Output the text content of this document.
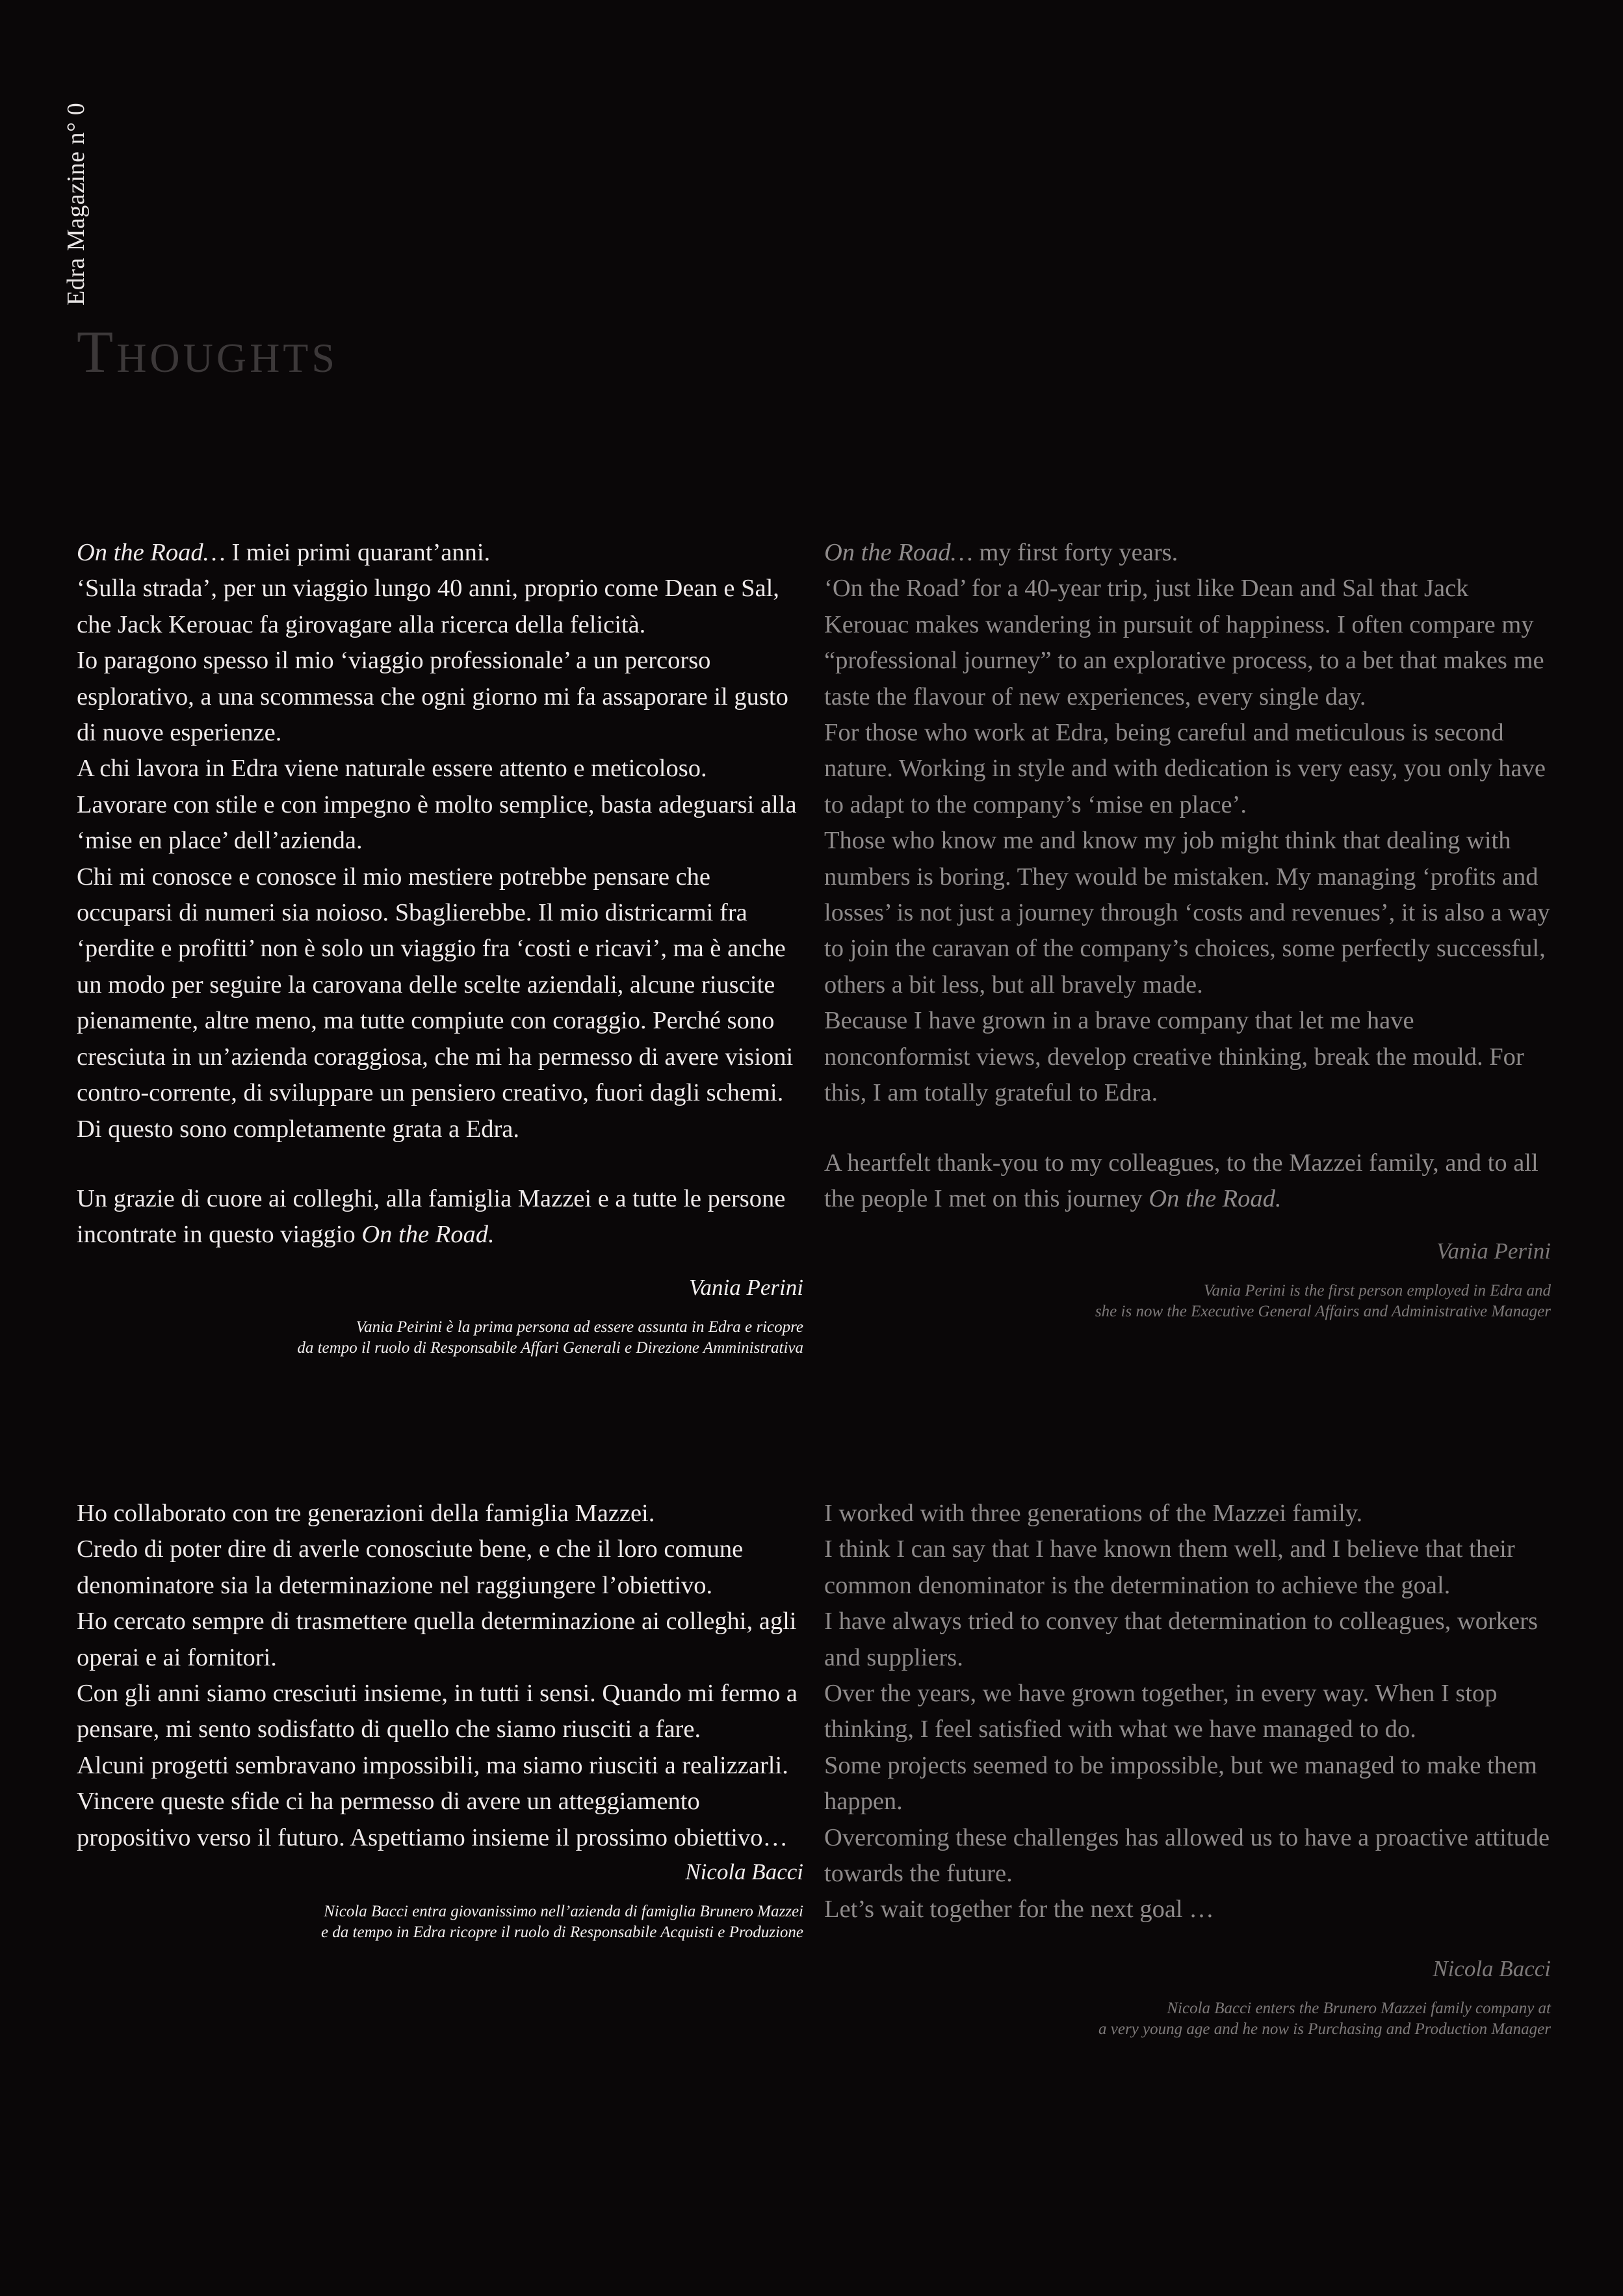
Edra Magazine n° 0
Thoughts

On the Road… I miei primi quarant’anni.

‘Sulla strada’, per un viaggio lungo 40 anni, proprio come Dean e Sal, che Jack Kerouac fa girovagare alla ricerca della felicità.

Io paragono spesso il mio ‘viaggio professionale’ a un percorso esplorativo, a una scommessa che ogni giorno mi fa assaporare il gusto di nuove esperienze.

A chi lavora in Edra viene naturale essere attento e meticoloso. Lavorare con stile e con impegno è molto semplice, basta adeguarsi alla ‘mise en place’ dell’azienda.

Chi mi conosce e conosce il mio mestiere potrebbe pensare che occuparsi di numeri sia noioso. Sbaglierebbe. Il mio districarmi fra ‘perdite e profitti’ non è solo un viaggio fra ‘costi e ricavi’, ma è anche un modo per seguire la carovana delle scelte aziendali, alcune riuscite pienamente, altre meno, ma tutte compiute con coraggio. Perché sono cresciuta in un’azienda coraggiosa, che mi ha permesso di avere visioni contro-corrente, di sviluppare un pensiero creativo, fuori dagli schemi. Di questo sono completamente grata a Edra.

Un grazie di cuore ai colleghi, alla famiglia Mazzei e a tutte le persone incontrate in questo viaggio On the Road.

Vania Perini

Vania Peirini è la prima persona ad essere assunta in Edra e ricopre

da tempo il ruolo di Responsabile Affari Generali e Direzione Amministrativa

On the Road… my first forty years.

‘On the Road’ for a 40-year trip, just like Dean and Sal that Jack Kerouac makes wandering in pursuit of happiness. I often compare my “professional journey” to an explorative process, to a bet that makes me taste the flavour of new experiences, every single day.

For those who work at Edra, being careful and meticulous is second nature. Working in style and with dedication is very easy, you only have to adapt to the company’s ‘mise en place’.

Those who know me and know my job might think that dealing with numbers is boring. They would be mistaken. My managing ‘profits and losses’ is not just a journey through ‘costs and revenues’, it is also a way to join the caravan of the company’s choices, some perfectly successful, others a bit less, but all bravely made.

Because I have grown in a brave company that let me have nonconformist views, develop creative thinking, break the mould. For this, I am totally grateful to Edra.

A heartfelt thank-you to my colleagues, to the Mazzei family, and to all the people I met on this journey On the Road.

Vania Perini

Vania Perini is the first person employed in Edra and

she is now the Executive General Affairs and Administrative Manager

Ho collaborato con tre generazioni della famiglia Mazzei.

Credo di poter dire di averle conosciute bene, e che il loro comune denominatore sia la determinazione nel raggiungere l’obiettivo.

Ho cercato sempre di trasmettere quella determinazione ai colleghi, agli operai e ai fornitori.

Con gli anni siamo cresciuti insieme, in tutti i sensi. Quando mi fermo a pensare, mi sento sodisfatto di quello che siamo riusciti a fare.

Alcuni progetti sembravano impossibili, ma siamo riusciti a realizzarli.

Vincere queste sfide ci ha permesso di avere un atteggiamento propositivo verso il futuro. Aspettiamo insieme il prossimo obiettivo…

Nicola Bacci

Nicola Bacci entra giovanissimo nell’azienda di famiglia Brunero Mazzei

e da tempo in Edra ricopre il ruolo di Responsabile Acquisti e Produzione

I worked with three generations of the Mazzei family.

I think I can say that I have known them well, and I believe that their common denominator is the determination to achieve the goal.

I have always tried to convey that determination to colleagues, workers and suppliers.

Over the years, we have grown together, in every way. When I stop thinking, I feel satisfied with what we have managed to do.

Some projects seemed to be impossible, but we managed to make them happen.

Overcoming these challenges has allowed us to have a proactive attitude towards the future.

Let’s wait together for the next goal …

Nicola Bacci

Nicola Bacci enters the Brunero Mazzei family company at

a very young age and he now is Purchasing and Production Manager
